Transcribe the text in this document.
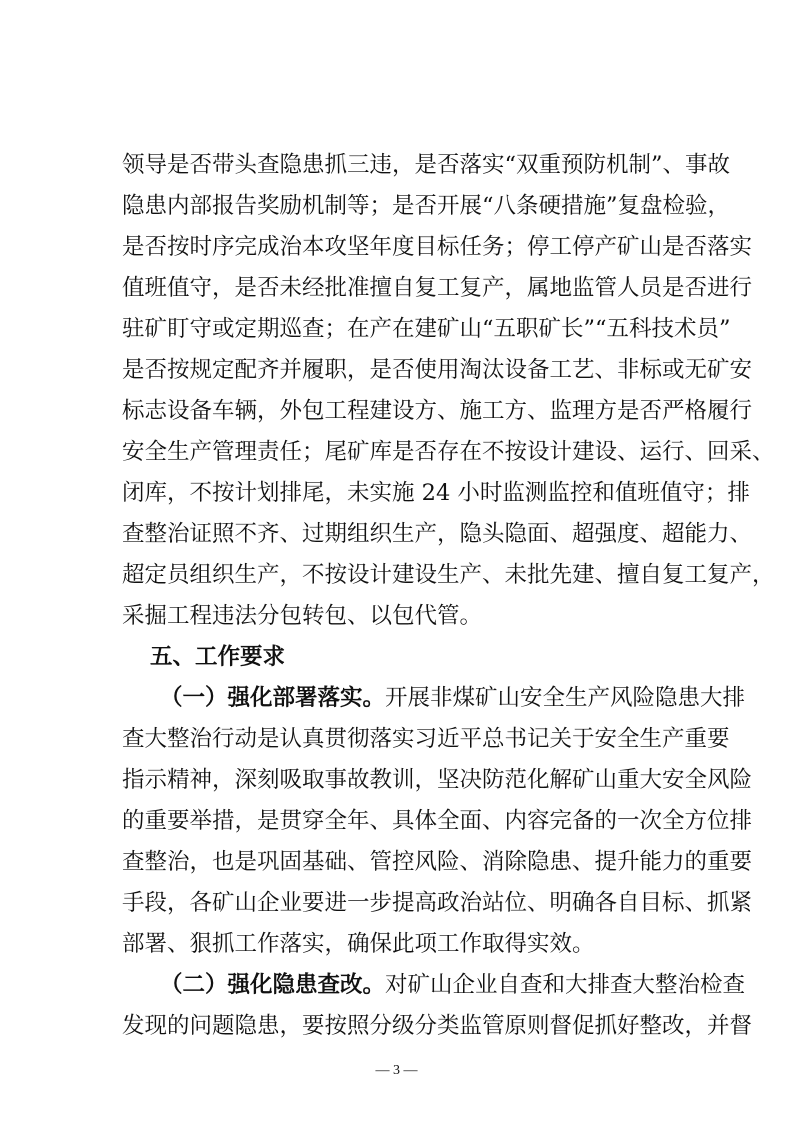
领导是否带头查隐患抓三违，是否落实“双重预防机制”、事故
隐患内部报告奖励机制等；是否开展“八条硬措施”复盘检验，
是否按时序完成治本攻坚年度目标任务；停工停产矿山是否落实
值班值守，是否未经批准擅自复工复产，属地监管人员是否进行
驻矿盯守或定期巡查；在产在建矿山“五职矿长”“五科技术员”
是否按规定配齐并履职，是否使用淘汰设备工艺、非标或无矿安
标志设备车辆，外包工程建设方、施工方、监理方是否严格履行
安全生产管理责任；尾矿库是否存在不按设计建设、运行、回采、
闭库，不按计划排尾，未实施 24 小时监测监控和值班值守；排
查整治证照不齐、过期组织生产，隐头隐面、超强度、超能力、
超定员组织生产，不按设计建设生产、未批先建、擅自复工复产，
采掘工程违法分包转包、以包代管。
五、工作要求
（一）强化部署落实。开展非煤矿山安全生产风险隐患大排
查大整治行动是认真贯彻落实习近平总书记关于安全生产重要
指示精神，深刻吸取事故教训，坚决防范化解矿山重大安全风险
的重要举措，是贯穿全年、具体全面、内容完备的一次全方位排
查整治，也是巩固基础、管控风险、消除隐患、提升能力的重要
手段，各矿山企业要进一步提高政治站位、明确各自目标、抓紧
部署、狠抓工作落实，确保此项工作取得实效。
（二）强化隐患查改。对矿山企业自查和大排查大整治检查
发现的问题隐患，要按照分级分类监管原则督促抓好整改，并督
— 3 —
